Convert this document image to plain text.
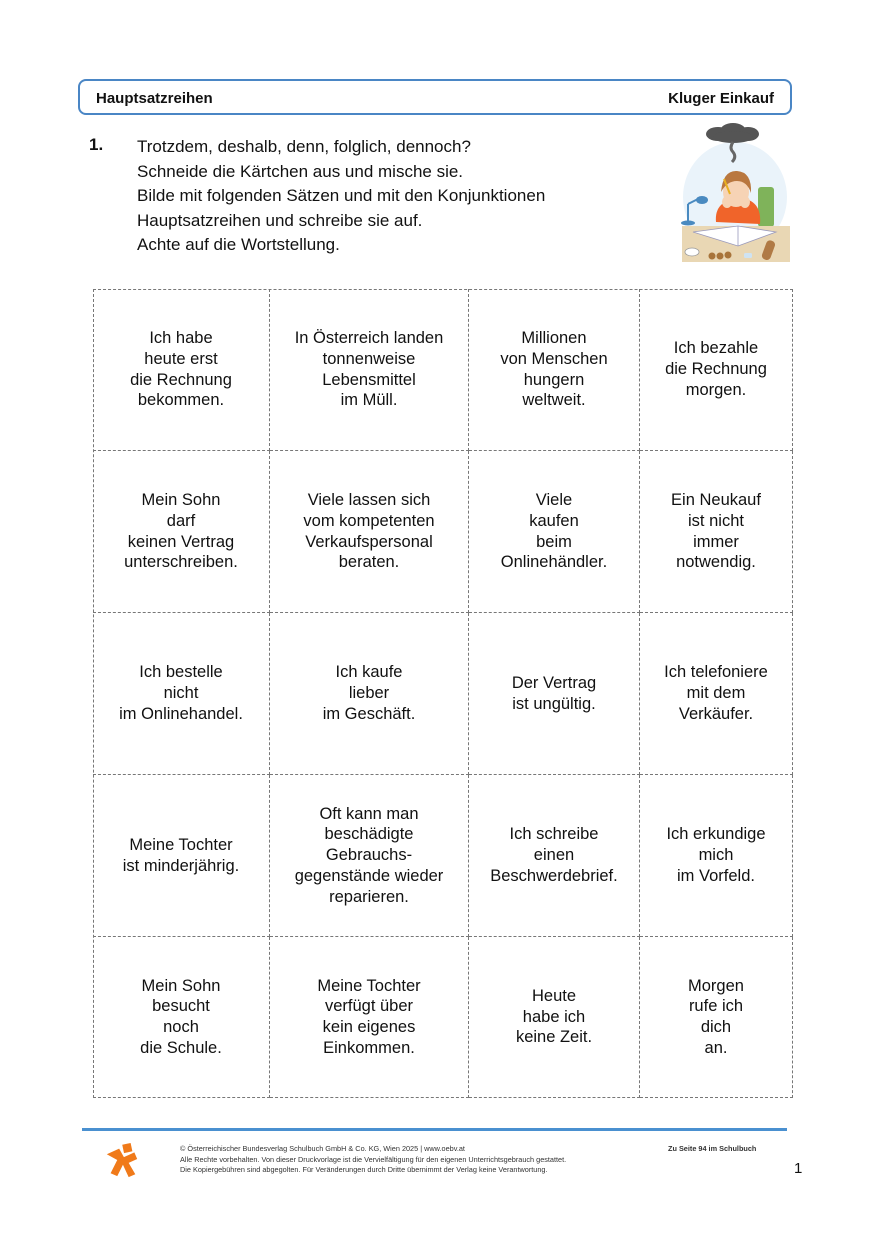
Hauptsatzreihen	Kluger Einkauf
1. Trotzdem, deshalb, denn, folglich, dennoch?
Schneide die Kärtchen aus und mische sie.
Bilde mit folgenden Sätzen und mit den Konjunktionen
Hauptsatzreihen und schreibe sie auf.
Achte auf die Wortstellung.
Ich habe
heute erst
die Rechnung
bekommen.
In Österreich landen
tonnenweise
Lebensmittel
im Müll.
Millionen
von Menschen
hungern
weltweit.
Ich bezahle
die Rechnung
morgen.
Mein Sohn
darf
keinen Vertrag
unterschreiben.
Viele lassen sich
vom kompetenten
Verkaufspersonal
beraten.
Viele
kaufen
beim
Onlinehändler.
Ein Neukauf
ist nicht
immer
notwendig.
Ich bestelle
nicht
im Onlinehandel.
Ich kaufe
lieber
im Geschäft.
Der Vertrag
ist ungültig.
Ich telefoniere
mit dem
Verkäufer.
Meine Tochter
ist minderjährig.
Oft kann man
beschädigte
Gebrauchs-
gegenstände wieder
reparieren.
Ich schreibe
einen
Beschwerdebrief.
Ich erkundige
mich
im Vorfeld.
Mein Sohn
besucht
noch
die Schule.
Meine Tochter
verfügt über
kein eigenes
Einkommen.
Heute
habe ich
keine Zeit.
Morgen
rufe ich
dich
an.
© Österreichischer Bundesverlag Schulbuch GmbH & Co. KG, Wien 2025 | www.oebv.at
Alle Rechte vorbehalten. Von dieser Druckvorlage ist die Vervielfältigung für den eigenen Unterrichtsgebrauch gestattet.
Die Kopiergebühren sind abgegolten. Für Veränderungen durch Dritte übernimmt der Verlag keine Verantwortung.
Zu Seite 94 im Schulbuch
1
